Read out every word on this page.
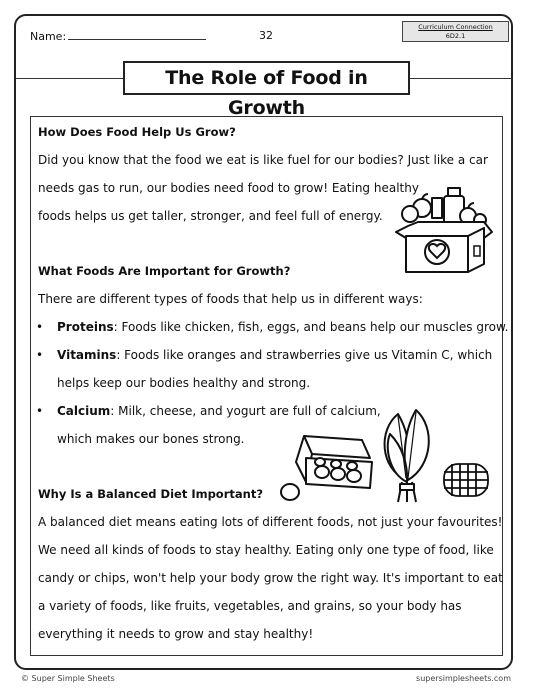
Name:	32
Curriculum Connection
6D2.1
The Role of Food in Growth
How Does Food Help Us Grow?
Did you know that the food we eat is like fuel for our bodies? Just like a car
needs gas to run, our bodies need food to grow! Eating healthy
foods helps us get taller, stronger, and feel full of energy.
What Foods Are Important for Growth?
There are different types of foods that help us in different ways:
• Proteins: Foods like chicken, fish, eggs, and beans help our muscles grow.
• Vitamins: Foods like oranges and strawberries give us Vitamin C, which
helps keep our bodies healthy and strong.
• Calcium: Milk, cheese, and yogurt are full of calcium,
which makes our bones strong.
Why Is a Balanced Diet Important?
A balanced diet means eating lots of different foods, not just your favourites!
We need all kinds of foods to stay healthy. Eating only one type of food, like
candy or chips, won't help your body grow the right way. It's important to eat
a variety of foods, like fruits, vegetables, and grains, so your body has
everything it needs to grow and stay healthy!
© Super Simple Sheets	supersimplesheets.com
